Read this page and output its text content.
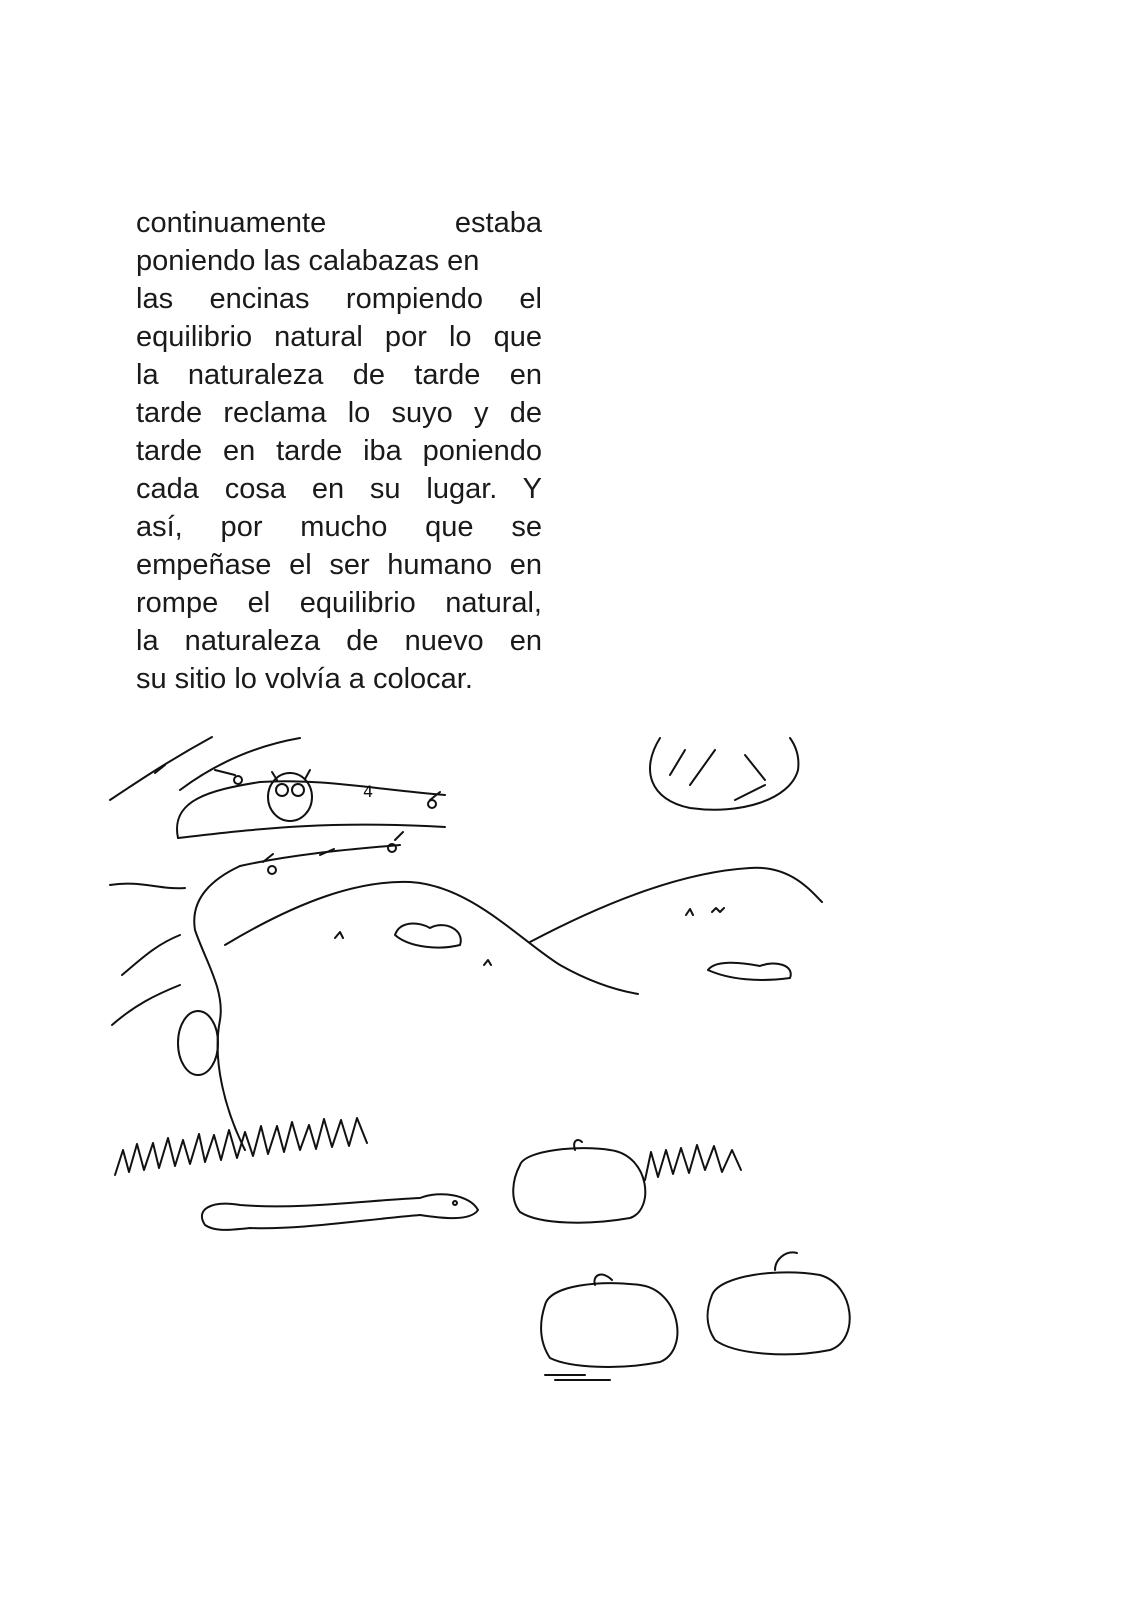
continuamente estaba
poniendo las calabazas en
las encinas rompiendo el
equilibrio natural por lo que
la naturaleza de tarde en
tarde reclama lo suyo y de
tarde en tarde iba poniendo
cada cosa en su lugar. Y
así, por mucho que se
empeñase el ser humano en
rompe el equilibrio natural,
la naturaleza de nuevo en
su sitio lo volvía a colocar.
4
